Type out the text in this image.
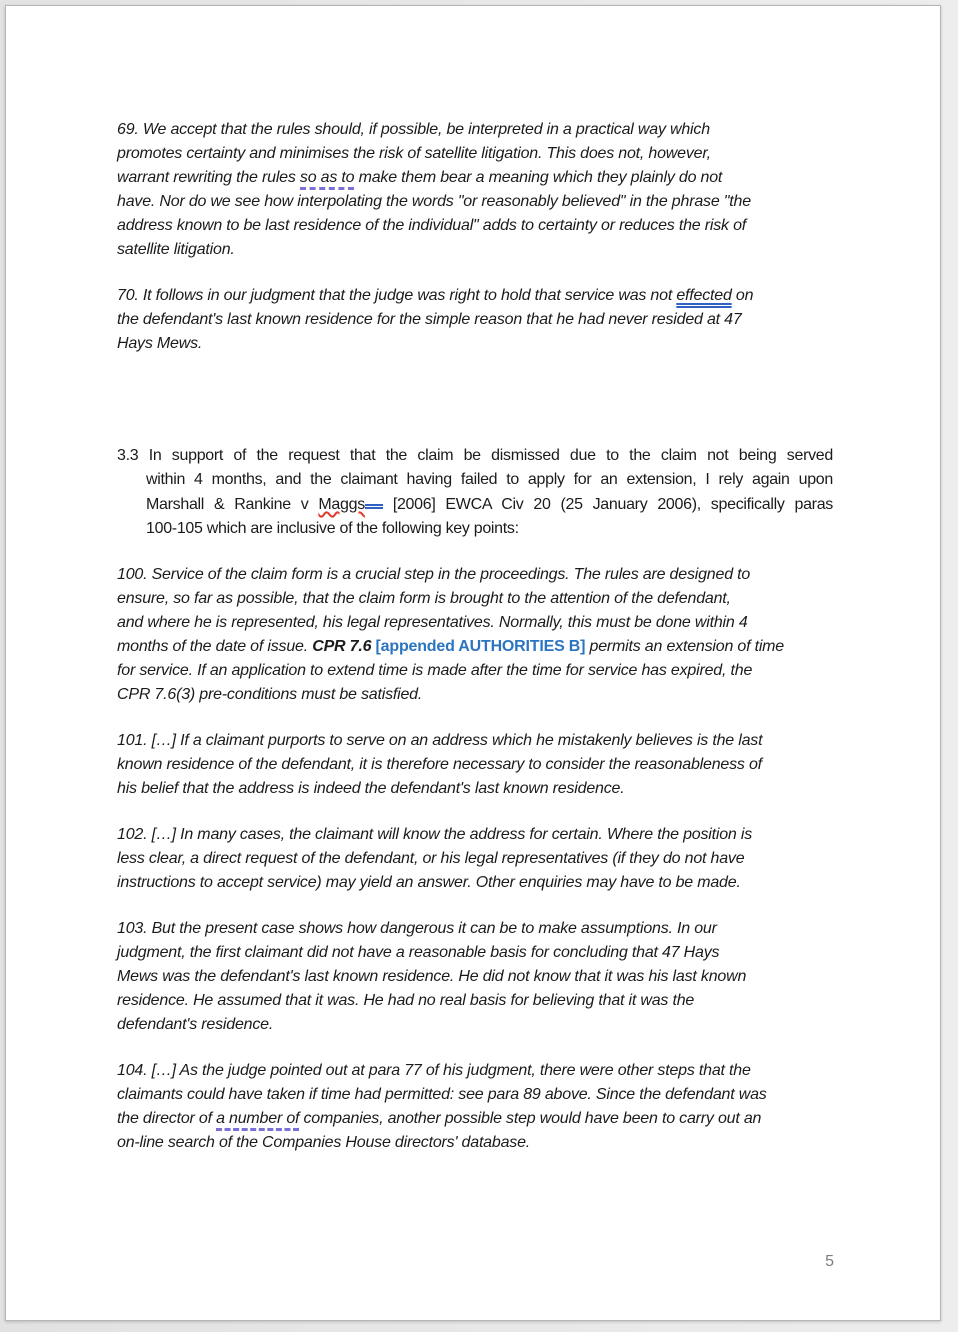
69. We accept that the rules should, if possible, be interpreted in a practical way which
promotes certainty and minimises the risk of satellite litigation. This does not, however,
warrant rewriting the rules so as to make them bear a meaning which they plainly do not
have. Nor do we see how interpolating the words "or reasonably believed" in the phrase "the
address known to be last residence of the individual" adds to certainty or reduces the risk of
satellite litigation.
70. It follows in our judgment that the judge was right to hold that service was not effected on
the defendant's last known residence for the simple reason that he had never resided at 47
Hays Mews.
3.3 In support of the request that the claim be dismissed due to the claim not being served
within 4 months, and the claimant having failed to apply for an extension, I rely again upon
Marshall & Rankine v Maggs [2006] EWCA Civ 20 (25 January 2006), specifically paras
100-105 which are inclusive of the following key points:
100. Service of the claim form is a crucial step in the proceedings. The rules are designed to
ensure, so far as possible, that the claim form is brought to the attention of the defendant,
and where he is represented, his legal representatives. Normally, this must be done within 4
months of the date of issue. CPR 7.6 [appended AUTHORITIES B] permits an extension of time
for service. If an application to extend time is made after the time for service has expired, the
CPR 7.6(3) pre-conditions must be satisfied.
101. […] If a claimant purports to serve on an address which he mistakenly believes is the last
known residence of the defendant, it is therefore necessary to consider the reasonableness of
his belief that the address is indeed the defendant's last known residence.
102. […] In many cases, the claimant will know the address for certain. Where the position is
less clear, a direct request of the defendant, or his legal representatives (if they do not have
instructions to accept service) may yield an answer. Other enquiries may have to be made.
103. But the present case shows how dangerous it can be to make assumptions. In our
judgment, the first claimant did not have a reasonable basis for concluding that 47 Hays
Mews was the defendant's last known residence. He did not know that it was his last known
residence. He assumed that it was. He had no real basis for believing that it was the
defendant's residence.
104. […] As the judge pointed out at para 77 of his judgment, there were other steps that the
claimants could have taken if time had permitted: see para 89 above. Since the defendant was
the director of a number of companies, another possible step would have been to carry out an
on-line search of the Companies House directors' database.
5
